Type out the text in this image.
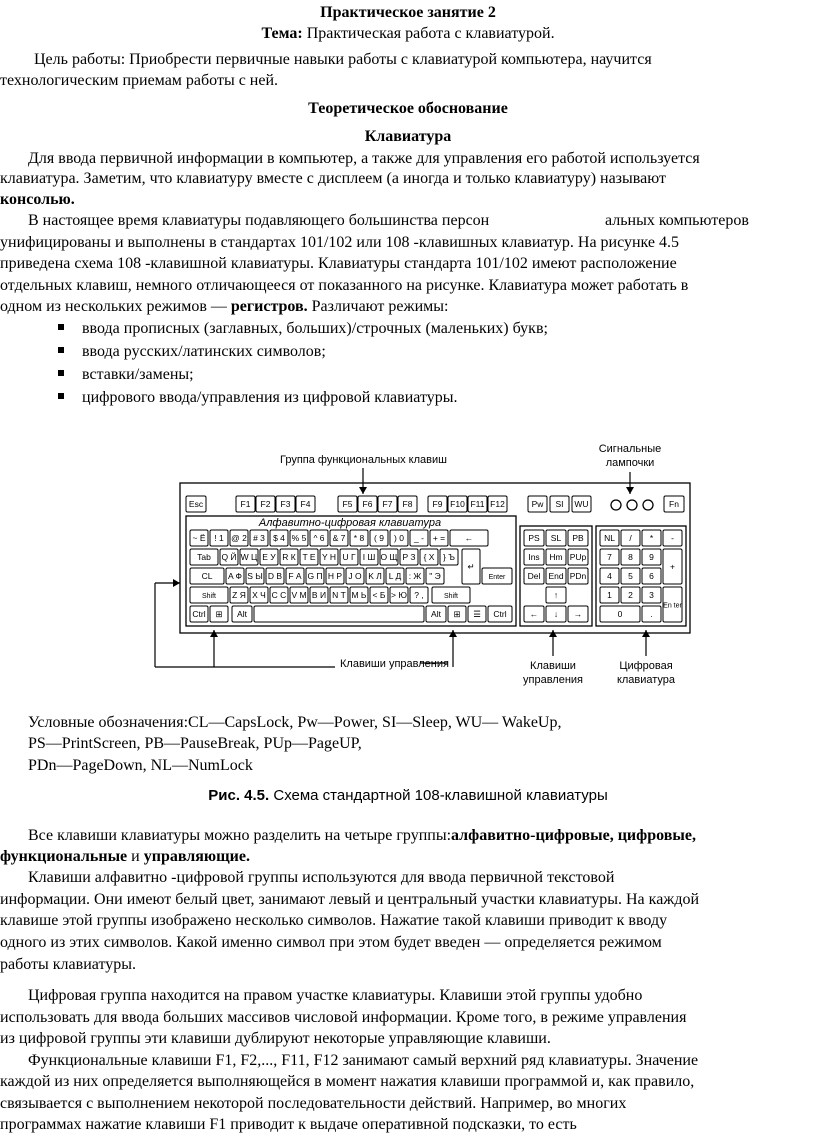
Практическое занятие 2
Тема: Практическая работа с клавиатурой.
Цель работы: Приобрести первичные навыки работы с клавиатурой компьютера, научится
технологическим приемам работы с ней.
Теоретическое обоснование
Клавиатура
Для ввода первичной информации в компьютер, а также для управления его работой используется
клавиатура. Заметим, что клавиатуру вместе с дисплеем (а иногда и только клавиатуру) называют
консолью.
В настоящее время клавиатуры подавляющего большинства персон	альных компьютеров
унифицированы и выполнены в стандартах 101/102 или 108 -клавишных клавиатур. На рисунке 4.5
приведена схема 108 -клавишной клавиатуры. Клавиатуры стандарта 101/102 имеют расположение
отдельных клавиш, немного отличающееся от показанного на рисунке. Клавиатура может работать в
одном из нескольких режимов — регистров. Различают режимы:
ввода прописных (заглавных, больших)/строчных (маленьких) букв;
ввода русских/латинских символов;
вставки/замены;
цифрового ввода/управления из цифровой клавиатуры.
Группа функциональных клавиш
Сигнальные
лампочки
Алфавитно-цифровая клавиатура
Клавиши управления	Клавиши
управления
Цифровая
клавиатура
Esc	F1 F2 F3 F4	F5 F6 F7 F8 F9 F10 F11 F12	Pw SI WU	Fn
~ Ё ! 1 @ 2 # 3 $ 4 % 5 ^ 6 & 7 * 8 ( 9 ) 0 _ - + = ←
Tab Q Й W Ц E У R К T Е Y Н U Г I Ш O Щ P З { Х } Ъ
↵
CL A Ф S Ы D В F А G П H Р J О K Л L Д : Ж " Э	Enter
Shift Z Я X Ч C С V М B И N Т M Ь < Б > Ю ? ,	Shift
Ctrl ⊞ Alt	Alt ⊞ ☰ Ctrl
PS SL PB
Ins Hm PUp
Del End PDn
↑
← ↓ →
NL / * -
7 8 9
+
4 5 6
1 2 3
En ter
0	.
Условные обозначения:CL—CapsLock, Pw—Power, SI—Sleep, WU— WakeUp,
PS—PrintScreen, PB—PauseBreak, PUp—PageUP,
PDn—PageDown, NL—NumLock
Рис. 4.5. Схема стандартной 108-клавишной клавиатуры
Все клавиши клавиатуры можно разделить на четыре группы:алфавитно-цифровые, цифровые,
функциональные и управляющие.
Клавиши алфавитно -цифровой группы используются для ввода первичной текстовой
информации. Они имеют белый цвет, занимают левый и центральный участки клавиатуры. На каждой
клавише этой группы изображено несколько символов. Нажатие такой клавиши приводит к вводу
одного из этих символов. Какой именно символ при этом будет введен — определяется режимом
работы клавиатуры.
Цифровая группа находится на правом участке клавиатуры. Клавиши этой группы удобно
использовать для ввода больших массивов числовой информации. Кроме того, в режиме управления
из цифровой группы эти клавиши дублируют некоторые управляющие клавиши.
Функциональные клавиши F1, F2,..., F11, F12 занимают самый верхний ряд клавиатуры. Значение
каждой из них определяется выполняющейся в момент нажатия клавиши программой и, как правило,
связывается с выполнением некоторой последовательности действий. Например, во многих
программах нажатие клавиши F1 приводит к выдаче оперативной подсказки, то есть
